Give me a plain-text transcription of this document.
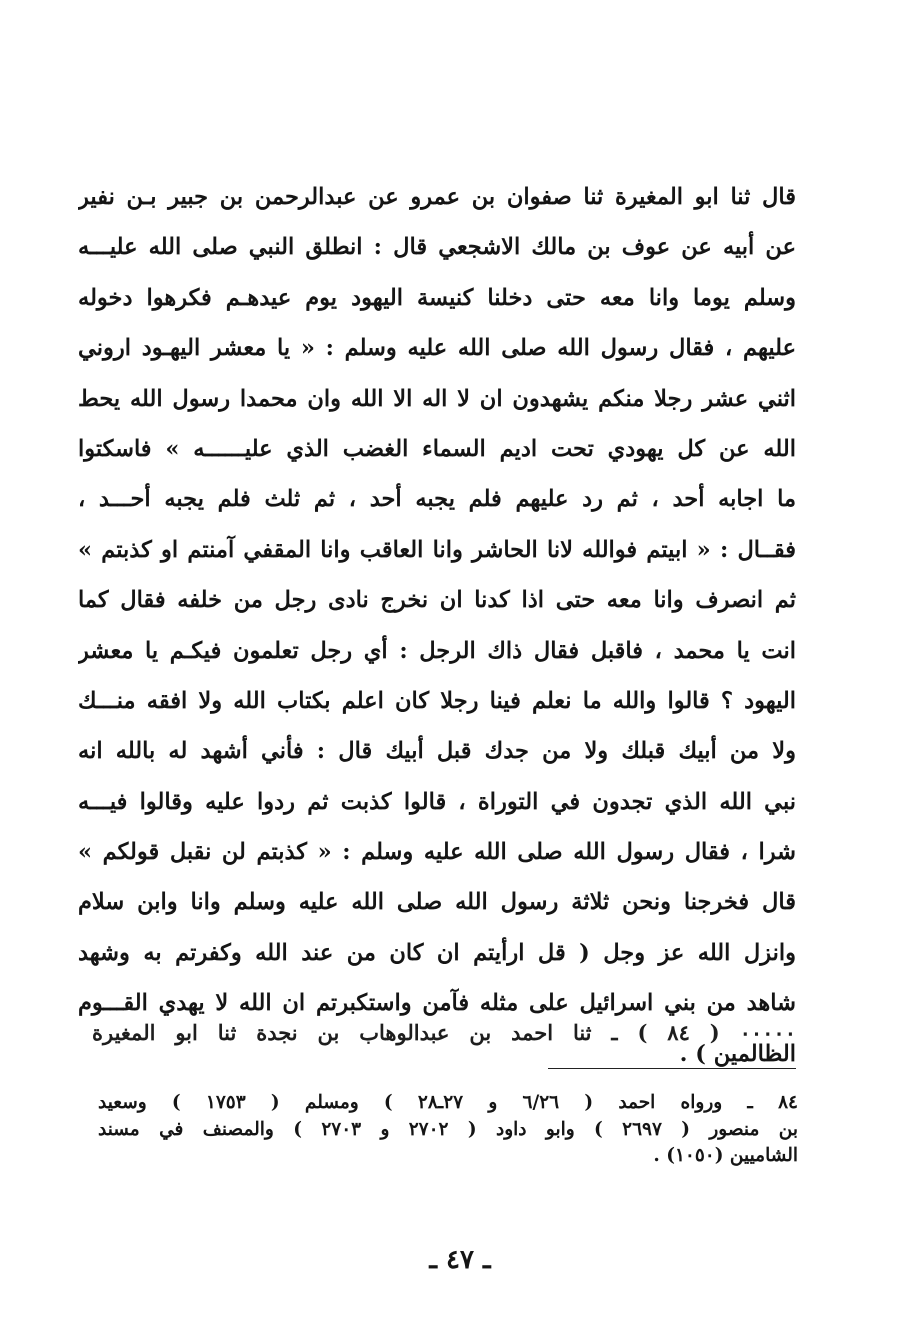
قال ثنا ابو المغيرة ثنا صفوان بن عمرو عن عبدالرحمن بن جبير بـن نفير
عن أبيه عن عوف بن مالك الاشجعي قال : انطلق النبي صلى الله عليـــه
وسلم يوما وانا معه حتى دخلنا كنيسة اليهود يوم عيدهـم فكرهوا دخوله
عليهم ، فقال رسول الله صلى الله عليه وسلم : « يا معشر اليهـود اروني
اثني عشر رجلا منكم يشهدون ان لا اله الا الله وان محمدا رسول الله يحط
الله عن كل يهودي تحت اديم السماء الغضب الذي عليــــــه » فاسكتوا
ما اجابه أحد ، ثم رد عليهم فلم يجبه أحد ، ثم ثلث فلم يجبه أحـــد ،
فقــال : « ابيتم فوالله لانا الحاشر وانا العاقب وانا المقفي آمنتم او كذبتم »
ثم انصرف وانا معه حتى اذا كدنا ان نخرج نادى رجل من خلفه فقال كما
انت يا محمد ، فاقبل فقال ذاك الرجل : أي رجل تعلمون فيكـم يا معشر
اليهود ؟ قالوا والله ما نعلم فينا رجلا كان اعلم بكتاب الله ولا افقه منـــك
ولا من أبيك قبلك ولا من جدك قبل أبيك قال : فأني أشهد له بالله انه
نبي الله الذي تجدون في التوراة ، قالوا كذبت ثم ردوا عليه وقالوا فيـــه
شرا ، فقال رسول الله صلى الله عليه وسلم : « كذبتم لن نقبل قولكم »
قال فخرجنا ونحن ثلاثة رسول الله صلى الله عليه وسلم وانا وابن سلام
وانزل الله عز وجل ( قل ارأيتم ان كان من عند الله وكفرتم به وشهد
شاهد من بني اسرائيل على مثله فآمن واستكبرتم ان الله لا يهدي القـــوم
الظالمين ) .
٠٠٠٠٠ ( ٨٤ ) ـ ثنا احمد بن عبدالوهاب بن نجدة ثنا ابو المغيرة
٨٤ ـ ورواه احمد ( ٦/٢٦ و ٢٧ـ٢٨ ) ومسلم ( ١٧٥٣ ) وسعيد
بن منصور ( ٢٦٩٧ ) وابو داود ( ٢٧٠٢ و ٢٧٠٣ ) والمصنف في مسند
الشاميين (١٠٥٠) .
ـ ٤٧ ـ
